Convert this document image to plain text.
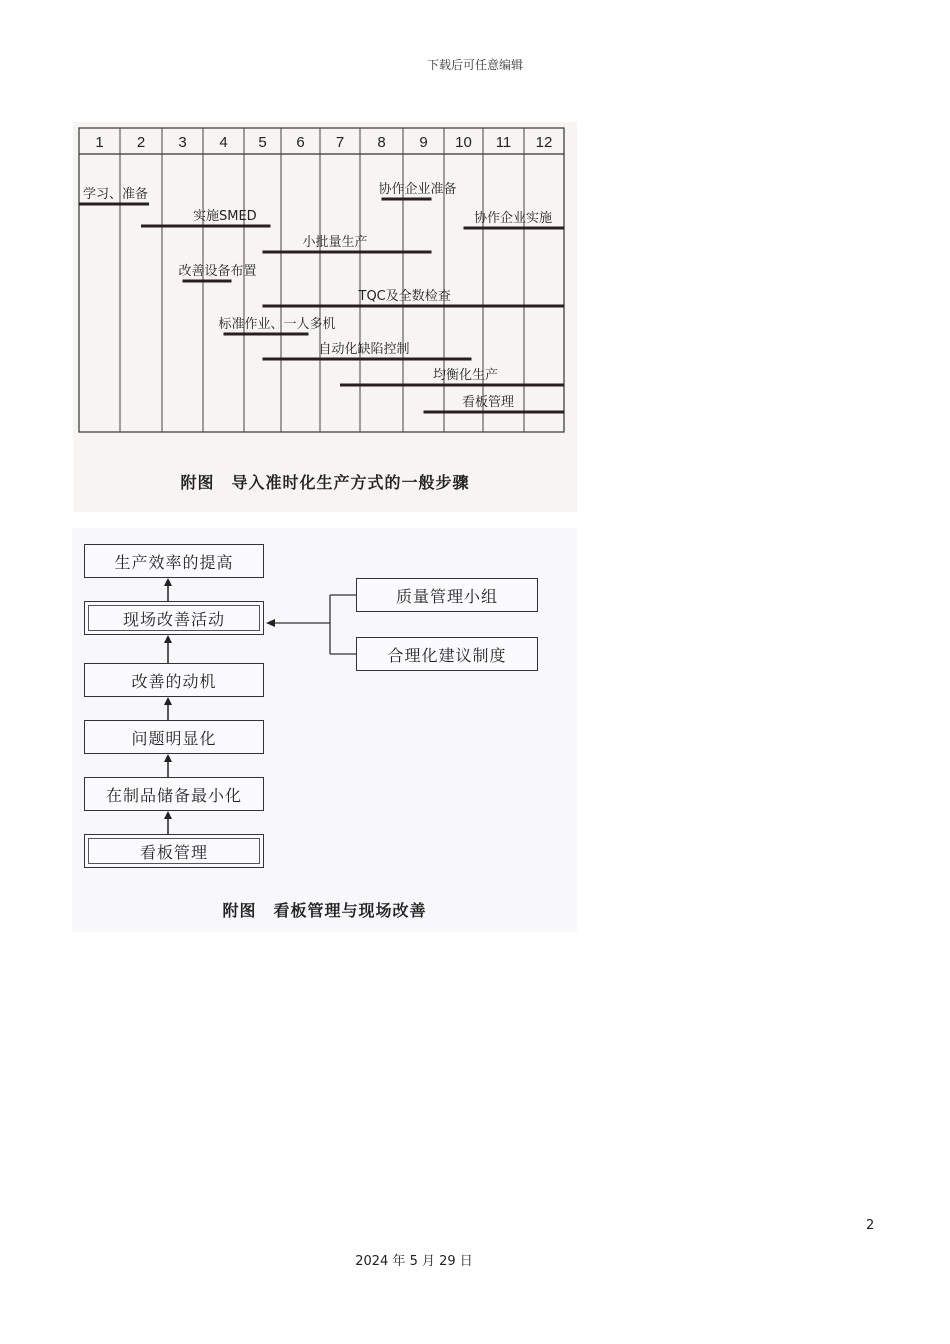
下载后可任意编辑
1 2 3 4 5 6 7 8 9 10 11 12
学习、准备
实施SMED
协作企业准备
协作企业实施
小批量生产
改善设备布置
TQC及全数检查
标准作业、一人多机
自动化缺陷控制
均衡化生产
看板管理
附图　导入准时化生产方式的一般步骤
生产效率的提高
现场改善活动
改善的动机
问题明显化
在制品储备最小化
看板管理
质量管理小组
合理化建议制度
附图　看板管理与现场改善
2
2024 年 5 月 29 日
